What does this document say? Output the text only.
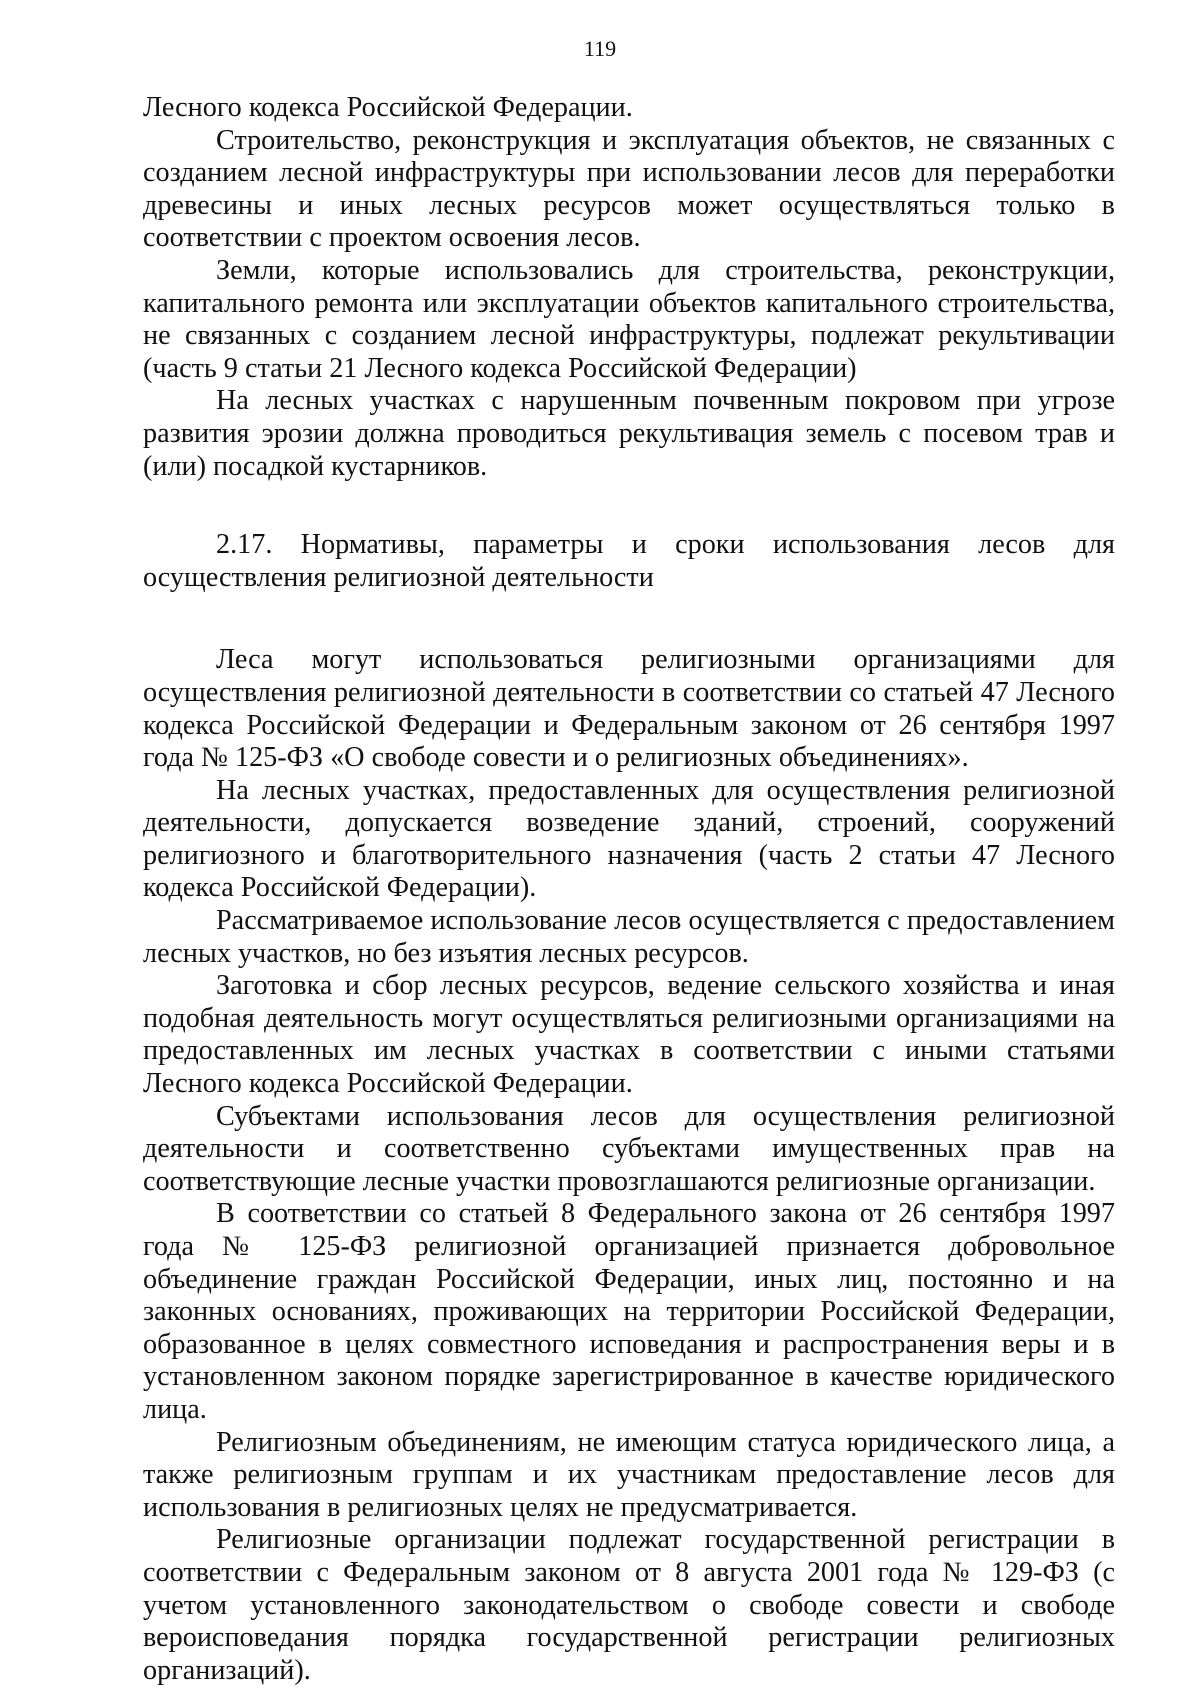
119

Лесного кодекса Российской Федерации.

Строительство, реконструкция и эксплуатация объектов, не связанных с созданием лесной инфраструктуры при использовании лесов для переработки древесины и иных лесных ресурсов может осуществляться только в соответствии с проектом освоения лесов.

Земли, которые использовались для строительства, реконструкции, капитального ремонта или эксплуатации объектов капитального строительства, не связанных с созданием лесной инфраструктуры, подлежат рекультивации (часть 9 статьи 21 Лесного кодекса Российской Федерации)

На лесных участках с нарушенным почвенным покровом при угрозе развития эрозии должна проводиться рекультивация земель с посевом трав и (или) посадкой кустарников.

2.17. Нормативы, параметры и сроки использования лесов для осуществления религиозной деятельности

Леса могут использоваться религиозными организациями для осуществления религиозной деятельности в соответствии со статьей 47 Лесного кодекса Российской Федерации и Федеральным законом от 26 сентября 1997 года № 125-ФЗ «О свободе совести и о религиозных объединениях».

На лесных участках, предоставленных для осуществления религиозной деятельности, допускается возведение зданий, строений, сооружений религиозного и благотворительного назначения (часть 2 статьи 47 Лесного кодекса Российской Федерации).

Рассматриваемое использование лесов осуществляется с предоставлением лесных участков, но без изъятия лесных ресурсов.

Заготовка и сбор лесных ресурсов, ведение сельского хозяйства и иная подобная деятельность могут осуществляться религиозными организациями на предоставленных им лесных участках в соответствии с иными статьями Лесного кодекса Российской Федерации.

Субъектами использования лесов для осуществления религиозной деятельности и соответственно субъектами имущественных прав на соответствующие лесные участки провозглашаются религиозные организации.

В соответствии со статьей 8 Федерального закона от 26 сентября 1997 года № 125-ФЗ религиозной организацией признается добровольное объединение граждан Российской Федерации, иных лиц, постоянно и на законных основаниях, проживающих на территории Российской Федерации, образованное в целях совместного исповедания и распространения веры и в установленном законом порядке зарегистрированное в качестве юридического лица.

Религиозным объединениям, не имеющим статуса юридического лица, а также религиозным группам и их участникам предоставление лесов для использования в религиозных целях не предусматривается.

Религиозные организации подлежат государственной регистрации в соответствии с Федеральным законом от 8 августа 2001 года № 129-ФЗ (с учетом установленного законодательством о свободе совести и свободе вероисповедания порядка государственной регистрации религиозных организаций).
